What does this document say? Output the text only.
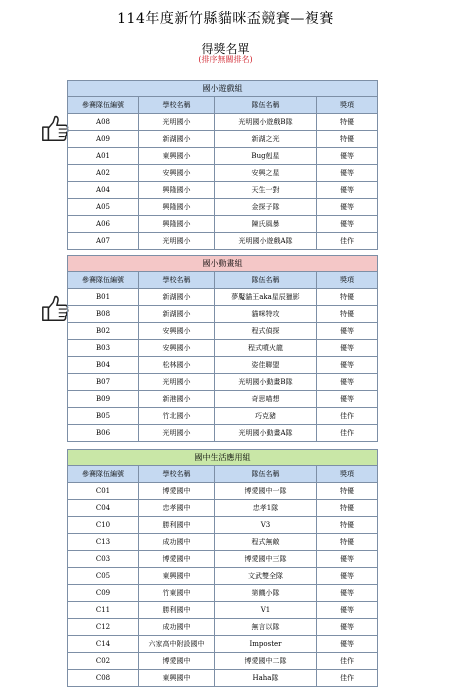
114年度新竹縣貓咪盃競賽—複賽
得獎名單
(排序無關排名)
國小遊戲組			
參賽隊伍編號	學校名稱	隊伍名稱	獎項
A08	光明國小	光明國小遊戲B隊	特優
A09	新湖國小	新湖之光	特優
A01	東興國小	Bug剋星	優等
A02	安興國小	安興之星	優等
A04	興隆國小	天生一對	優等
A05	興隆國小	金探子隊	優等
A06	興隆國小	陳氏風暴	優等
A07	光明國小	光明國小遊戲A隊	佳作
國小動畫組			
參賽隊伍編號	學校名稱	隊伍名稱	獎項
B01	新湖國小	夢魘貓王aka星辰獵影	特優
B08	新湖國小	貓咪特攻	特優
B02	安興國小	程式偵探	優等
B03	安興國小	程式噴火龍	優等
B04	松林國小	姿佳聯盟	優等
B07	光明國小	光明國小動畫B隊	優等
B09	新港國小	奇思喵想	優等
B05	竹北國小	巧克豬	佳作
B06	光明國小	光明國小動畫A隊	佳作
國中生活應用組			
參賽隊伍編號	學校名稱	隊伍名稱	獎項
C01	博愛國中	博愛國中一隊	特優
C04	忠孝國中	忠孝1隊	特優
C10	勝利國中	V3	特優
C13	成功國中	程式無敵	特優
C03	博愛國中	博愛國中三隊	優等
C05	東興國中	文武雙全隊	優等
C09	竹東國中	第饑小隊	優等
C11	勝利國中	V1	優等
C12	成功國中	無言以隊	優等
C14	六家高中附設國中	Imposter	優等
C02	博愛國中	博愛國中二隊	佳作
C08	東興國中	Haha隊	佳作
